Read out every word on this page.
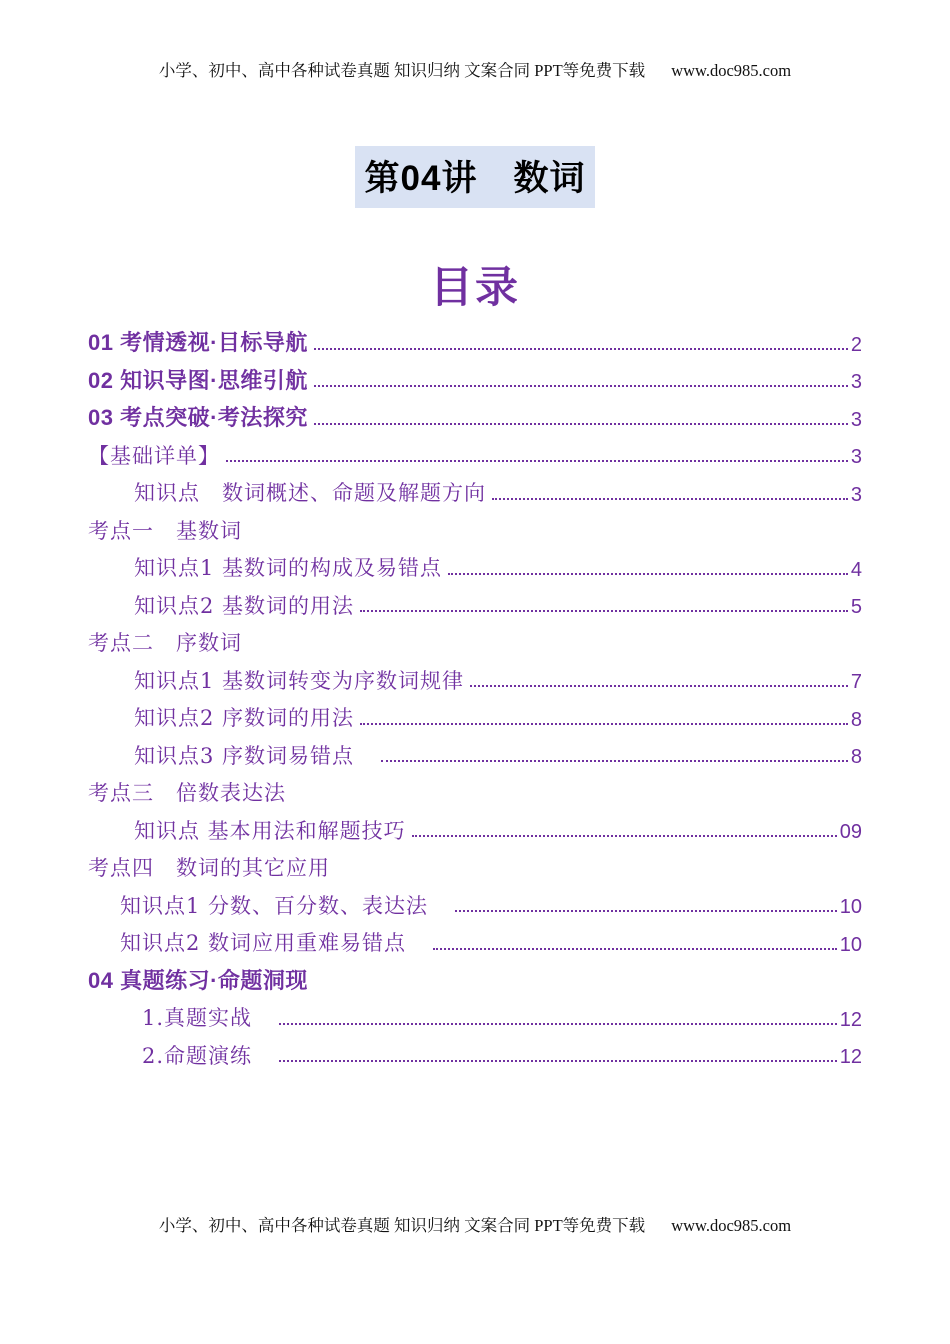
小学、初中、高中各种试卷真题 知识归纳 文案合同 PPT等免费下载 www.doc985.com
第04讲　数词
目录
01 考情透视·目标导航	2
02 知识导图·思维引航	3
03 考点突破·考法探究	3
【基础详单】	3
知识点　数词概述、命题及解题方向	3
考点一　基数词
知识点1 基数词的构成及易错点	4
知识点2 基数词的用法	5
考点二　序数词
知识点1 基数词转变为序数词规律	7
知识点2 序数词的用法	8
知识点3 序数词易错点	8
考点三　倍数表达法
知识点 基本用法和解题技巧	09
考点四　数词的其它应用
知识点1 分数、百分数、表达法	10
知识点2 数词应用重难易错点	10
04 真题练习·命题洞现
1.真题实战	12
2.命题演练	12
小学、初中、高中各种试卷真题 知识归纳 文案合同 PPT等免费下载 www.doc985.com
